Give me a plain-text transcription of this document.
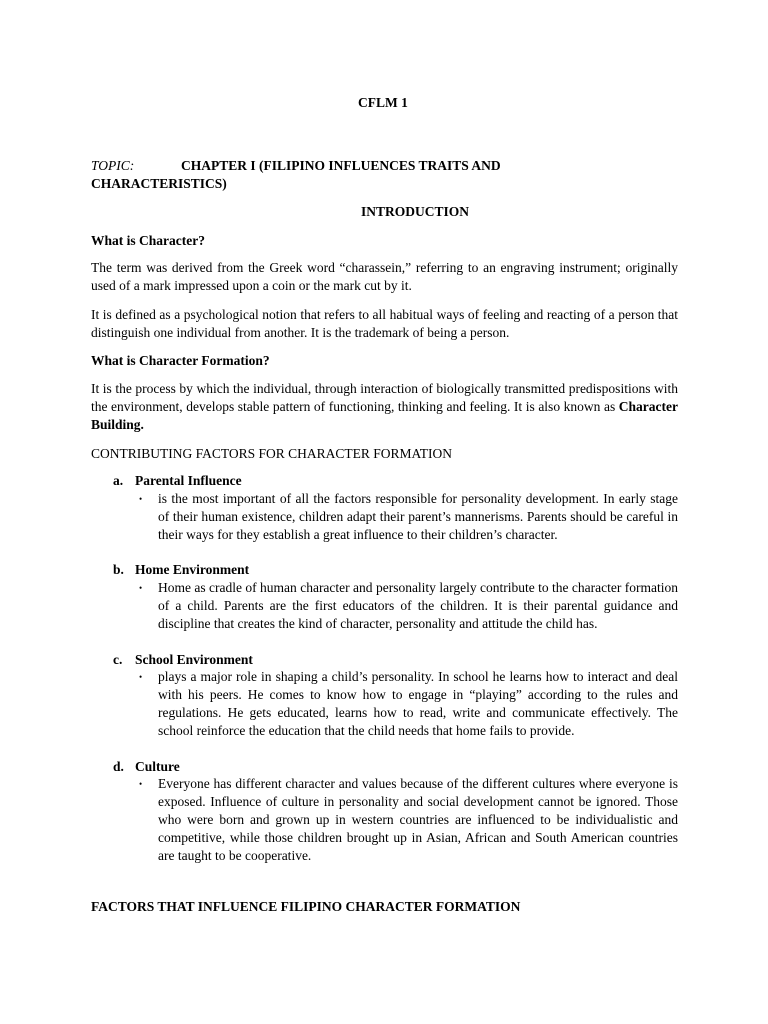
CFLM 1

TOPIC:	CHAPTER I (FILIPINO INFLUENCES TRAITS AND

CHARACTERISTICS)

INTRODUCTION

What is Character?

The term was derived from the Greek word “charassein,” referring to an engraving instrument; originally used of a mark impressed upon a coin or the mark cut by it.

It is defined as a psychological notion that refers to all habitual ways of feeling and reacting of a person that distinguish one individual from another. It is the trademark of being a person.

What is Character Formation?

It is the process by which the individual, through interaction of biologically transmitted predispositions with the environment, develops stable pattern of functioning, thinking and feeling. It is also known as Character Building.

CONTRIBUTING FACTORS FOR CHARACTER FORMATION

a. Parental Influence

• is the most important of all the factors responsible for personality development. In early stage of their human existence, children adapt their parent’s mannerisms. Parents should be careful in their ways for they establish a great influence to their children’s character.

b. Home Environment

• Home as cradle of human character and personality largely contribute to the character formation of a child. Parents are the first educators of the children. It is their parental guidance and discipline that creates the kind of character, personality and attitude the child has.

c. School Environment

• plays a major role in shaping a child’s personality. In school he learns how to interact and deal with his peers. He comes to know how to engage in “playing” according to the rules and regulations. He gets educated, learns how to read, write and communicate effectively. The school reinforce the education that the child needs that home fails to provide.

d. Culture

• Everyone has different character and values because of the different cultures where everyone is exposed. Influence of culture in personality and social development cannot be ignored. Those who were born and grown up in western countries are influenced to be individualistic and competitive, while those children brought up in Asian, African and South American countries are taught to be cooperative.

FACTORS THAT INFLUENCE FILIPINO CHARACTER FORMATION
